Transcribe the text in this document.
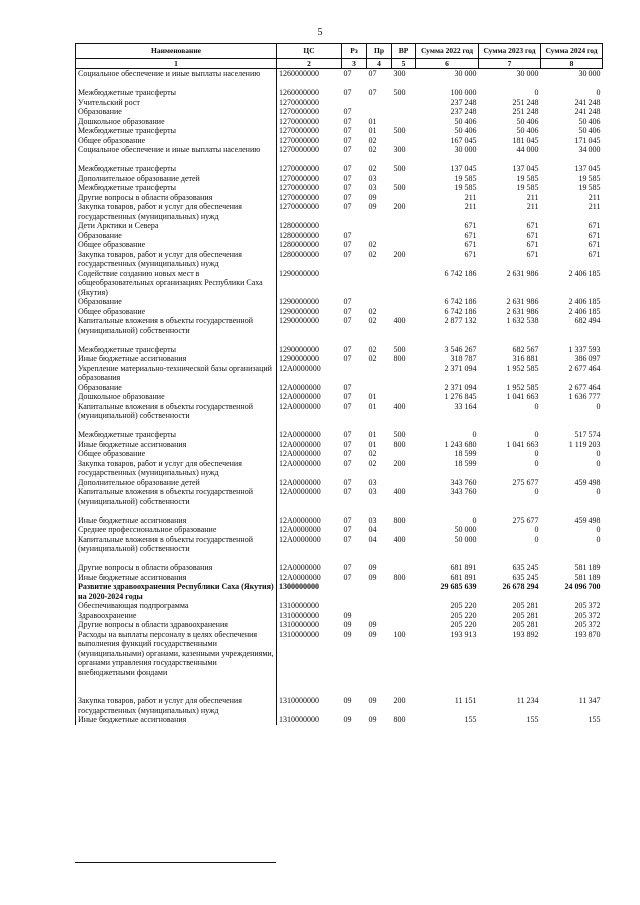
5
Наименование	ЦС	Рз	Пр	ВР	Сумма 2022 год	Сумма 2023 год	Сумма 2024 год
1	2	3	4	5	6	7	8
Социальное обеспечение и иные выплаты населению	1260000000	07	07	300	30 000	30 000	30 000

Межбюджетные трансферты	1260000000	07	07	500	100 000	0	0
Учительский рост	1270000000				237 248	251 248	241 248
Образование	1270000000	07			237 248	251 248	241 248
Дошкольное образование	1270000000	07	01		50 406	50 406	50 406
Межбюджетные трансферты	1270000000	07	01	500	50 406	50 406	50 406
Общее образование	1270000000	07	02		167 045	181 045	171 045
Социальное обеспечение и иные выплаты населению	1270000000	07	02	300	30 000	44 000	34 000

Межбюджетные трансферты	1270000000	07	02	500	137 045	137 045	137 045
Дополнительное образование детей	1270000000	07	03		19 585	19 585	19 585
Межбюджетные трансферты	1270000000	07	03	500	19 585	19 585	19 585
Другие вопросы в области образования	1270000000	07	09		211	211	211
Закупка товаров, работ и услуг для обеспечения государственных (муниципальных) нужд	1270000000	07	09	200	211	211	211
Дети Арктики и Севера	1280000000				671	671	671
Образование	1280000000	07			671	671	671
Общее образование	1280000000	07	02		671	671	671
Закупка товаров, работ и услуг для обеспечения государственных (муниципальных) нужд	1280000000	07	02	200	671	671	671
Содействие созданию новых мест в общеобразовательных организациях Республики Саха (Якутия)	1290000000				6 742 186	2 631 986	2 406 185
Образование	1290000000	07			6 742 186	2 631 986	2 406 185
Общее образование	1290000000	07	02		6 742 186	2 631 986	2 406 185
Капитальные вложения в объекты государственной (муниципальной) собственности	1290000000	07	02	400	2 877 132	1 632 538	682 494

Межбюджетные трансферты	1290000000	07	02	500	3 546 267	682 567	1 337 593
Иные бюджетные ассигнования	1290000000	07	02	800	318 787	316 881	386 097
Укрепление материально-технической базы организаций образования	12А0000000				2 371 094	1 952 585	2 677 464
Образование	12А0000000	07			2 371 094	1 952 585	2 677 464
Дошкольное образование	12А0000000	07	01		1 276 845	1 041 663	1 636 777
Капитальные вложения в объекты государственной (муниципальной) собственности	12А0000000	07	01	400	33 164	0	0

Межбюджетные трансферты	12А0000000	07	01	500	0	0	517 574
Иные бюджетные ассигнования	12А0000000	07	01	800	1 243 680	1 041 663	1 119 203
Общее образование	12А0000000	07	02		18 599	0	0
Закупка товаров, работ и услуг для обеспечения государственных (муниципальных) нужд	12А0000000	07	02	200	18 599	0	0
Дополнительное образование детей	12А0000000	07	03		343 760	275 677	459 498
Капитальные вложения в объекты государственной (муниципальной) собственности	12А0000000	07	03	400	343 760	0	0

Иные бюджетные ассигнования	12А0000000	07	03	800	0	275 677	459 498
Среднее профессиональное образование	12А0000000	07	04		50 000	0	0
Капитальные вложения в объекты государственной (муниципальной) собственности	12А0000000	07	04	400	50 000	0	0

Другие вопросы в области образования	12А0000000	07	09		681 891	635 245	581 189
Иные бюджетные ассигнования	12А0000000	07	09	800	681 891	635 245	581 189
Развитие здравоохранения Республики Саха (Якутия) на 2020-2024 годы	1300000000				29 685 639	26 678 294	24 096 700
Обеспечивающая подпрограмма	1310000000				205 220	205 281	205 372
Здравоохранение	1310000000	09			205 220	205 281	205 372
Другие вопросы в области здравоохранения	1310000000	09	09		205 220	205 281	205 372
Расходы на выплаты персоналу в целях обеспечения выполнения функций государственными (муниципальными) органами, казенными учреждениями, органами управления государственными внебюджетными фондами	1310000000	09	09	100	193 913	193 892	193 870

Закупка товаров, работ и услуг для обеспечения государственных (муниципальных) нужд	1310000000	09	09	200	11 151	11 234	11 347
Иные бюджетные ассигнования	1310000000	09	09	800	155	155	155
